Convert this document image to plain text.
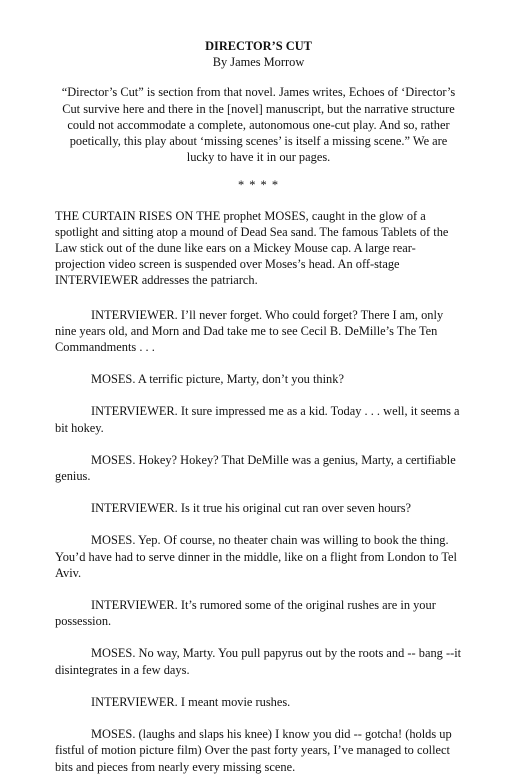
DIRECTOR’S CUT

By James Morrow

“Director’s Cut” is section from that novel. James writes, Echoes of ‘Director’s Cut survive here and there in the [novel] manuscript, but the narrative structure could not accommodate a complete, autonomous one-cut play. And so, rather poetically, this play about ‘missing scenes’ is itself a missing scene.” We are lucky to have it in our pages.

* * * *

THE CURTAIN RISES ON THE prophet MOSES, caught in the glow of a spotlight and sitting atop a mound of Dead Sea sand. The famous Tablets of the Law stick out of the dune like ears on a Mickey Mouse cap. A large rear-projection video screen is suspended over Moses’s head. An off-stage INTERVIEWER addresses the patriarch.

INTERVIEWER. I’ll never forget. Who could forget? There I am, only nine years old, and Morn and Dad take me to see Cecil B. DeMille’s The Ten Commandments . . .

MOSES. A terrific picture, Marty, don’t you think?

INTERVIEWER. It sure impressed me as a kid. Today . . . well, it seems a bit hokey.

MOSES. Hokey? Hokey? That DeMille was a genius, Marty, a certifiable genius.

INTERVIEWER. Is it true his original cut ran over seven hours?

MOSES. Yep. Of course, no theater chain was willing to book the thing. You’d have had to serve dinner in the middle, like on a flight from London to Tel Aviv.

INTERVIEWER. It’s rumored some of the original rushes are in your possession.

MOSES. No way, Marty. You pull papyrus out by the roots and -- bang --it disintegrates in a few days.

INTERVIEWER. I meant movie rushes.

MOSES. (laughs and slaps his knee) I know you did -- gotcha! (holds up fistful of motion picture film) Over the past forty years, I’ve managed to collect bits and pieces from nearly every missing scene.
